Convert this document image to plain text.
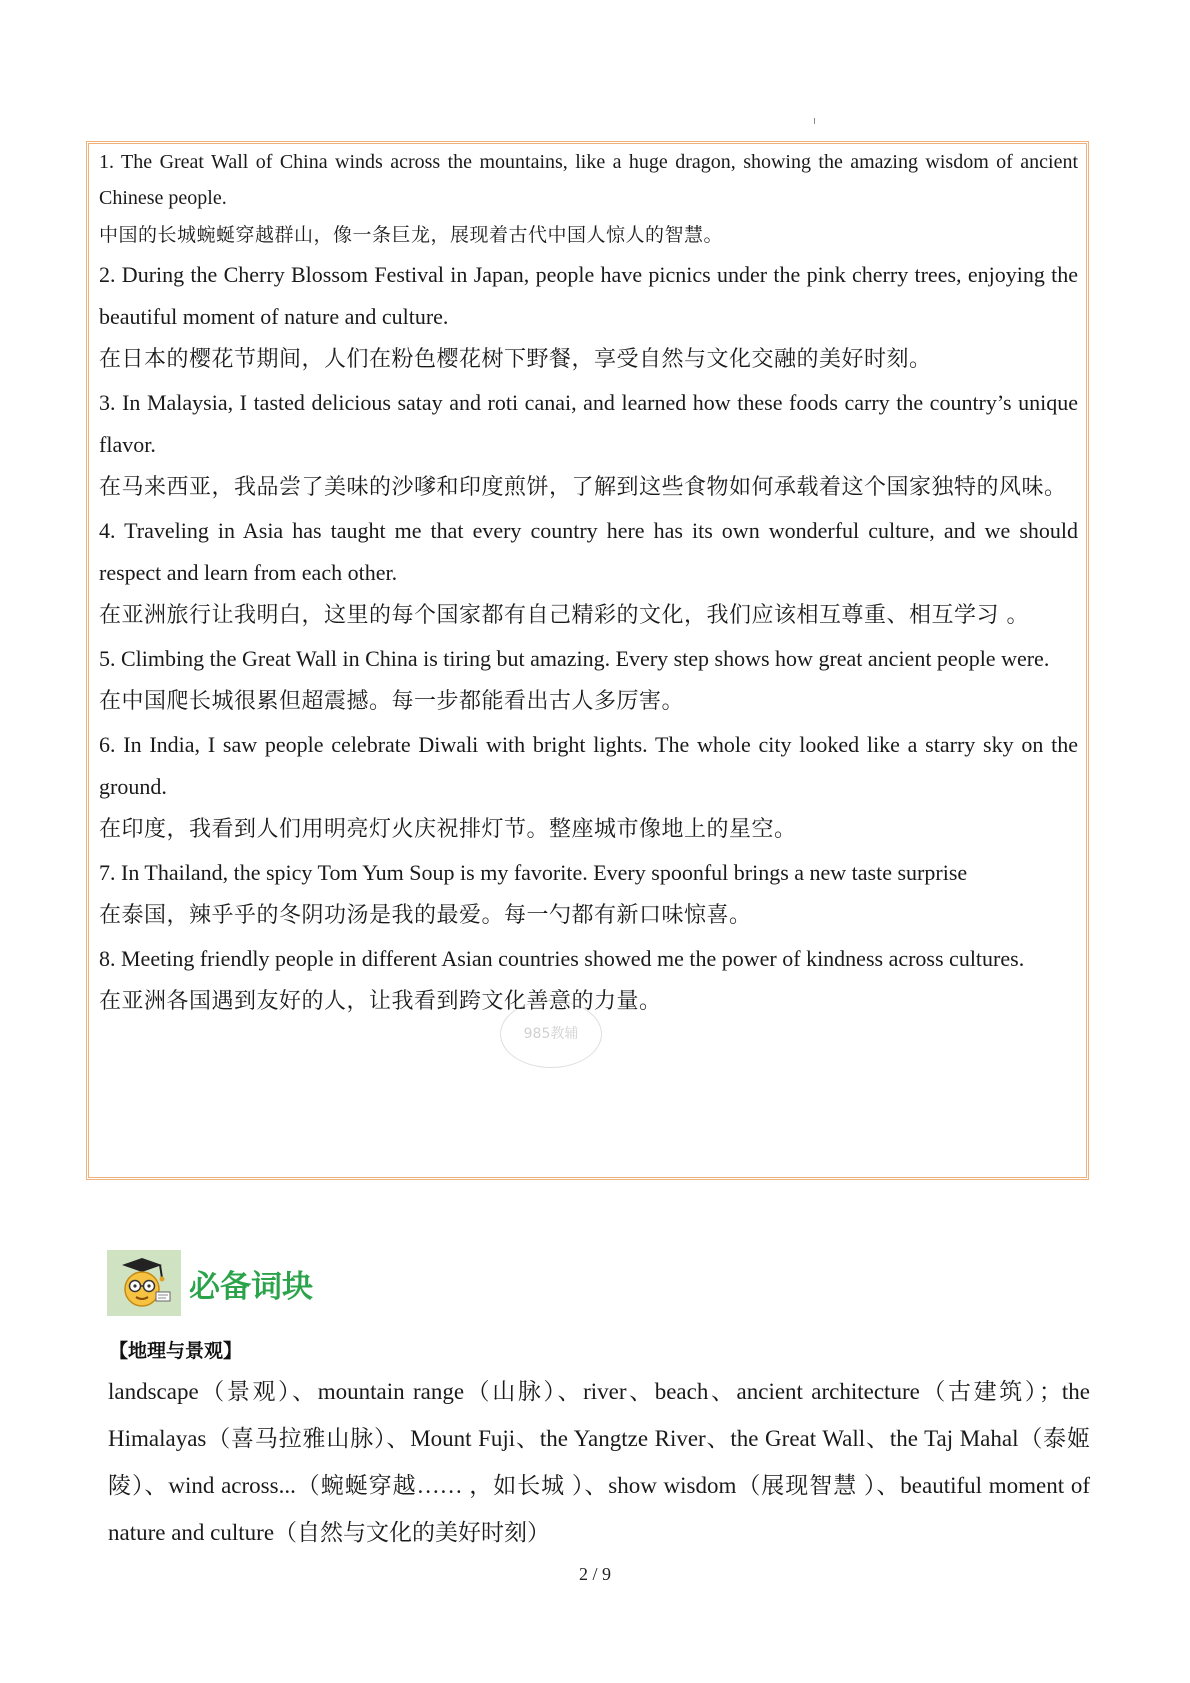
1. The Great Wall of China winds across the mountains, like a huge dragon, showing the amazing wisdom of ancient Chinese people.
中国的长城蜿蜒穿越群山，像一条巨龙，展现着古代中国人惊人的智慧。
2. During the Cherry Blossom Festival in Japan, people have picnics under the pink cherry trees, enjoying the beautiful moment of nature and culture.
在日本的樱花节期间，人们在粉色樱花树下野餐，享受自然与文化交融的美好时刻。
3. In Malaysia, I tasted delicious satay and roti canai, and learned how these foods carry the country’s unique flavor.
在马来西亚，我品尝了美味的沙嗲和印度煎饼，了解到这些食物如何承载着这个国家独特的风味。
4. Traveling in Asia has taught me that every country here has its own wonderful culture, and we should respect and learn from each other.
在亚洲旅行让我明白，这里的每个国家都有自己精彩的文化，我们应该相互尊重、相互学习 。
5. Climbing the Great Wall in China is tiring but amazing. Every step shows how great ancient people were.
在中国爬长城很累但超震撼。每一步都能看出古人多厉害。
6. In India, I saw people celebrate Diwali with bright lights. The whole city looked like a starry sky on the ground.
在印度，我看到人们用明亮灯火庆祝排灯节。整座城市像地上的星空。
7. In Thailand, the spicy Tom Yum Soup is my favorite. Every spoonful brings a new taste surprise
在泰国，辣乎乎的冬阴功汤是我的最爱。每一勺都有新口味惊喜。
8. Meeting friendly people in different Asian countries showed me the power of kindness across cultures.
在亚洲各国遇到友好的人，让我看到跨文化善意的力量。
985教辅
必备词块
【地理与景观】
landscape（景观）、mountain range（山脉）、river、beach、ancient architecture（古建筑）；the Himalayas（喜马拉雅山脉）、Mount Fuji、the Yangtze River、the Great Wall、the Taj Mahal（泰姬陵）、wind across...（蜿蜒穿越…… ，如长城 ）、show wisdom（展现智慧 ）、beautiful moment of nature and culture（自然与文化的美好时刻）
2 / 9
